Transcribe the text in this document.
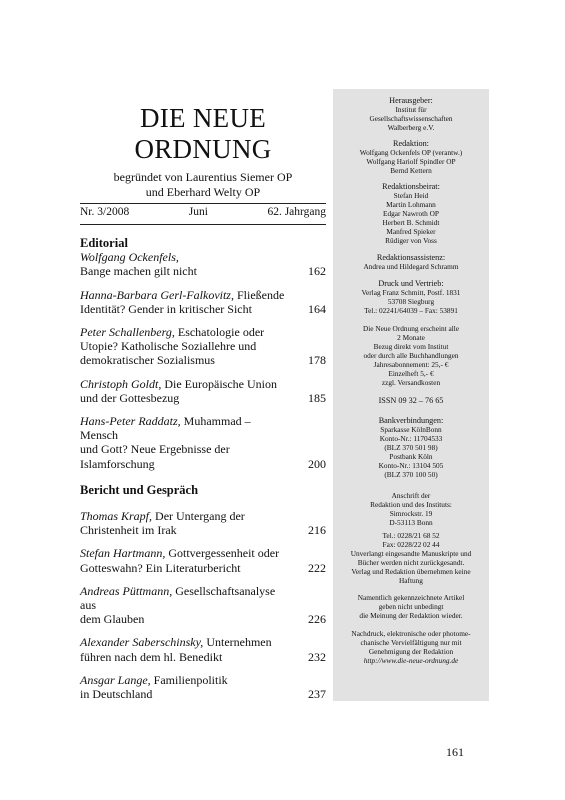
DIE NEUE
ORDNUNG
begründet von Laurentius Siemer OP
und Eberhard Welty OP
Nr. 3/2008	Juni	62. Jahrgang
Editorial
Wolfgang Ockenfels,
Bange machen gilt nicht	162
Hanna-Barbara Gerl-Falkovitz, Fließende
Identität? Gender in kritischer Sicht	164
Peter Schallenberg, Eschatologie oder
Utopie? Katholische Soziallehre und
demokratischer Sozialismus	178
Christoph Goldt, Die Europäische Union
und der Gottesbezug	185
Hans-Peter Raddatz, Muhammad – Mensch
und Gott? Neue Ergebnisse der
Islamforschung	200
Bericht und Gespräch
Thomas Krapf, Der Untergang der
Christenheit im Irak	216
Stefan Hartmann, Gottvergessenheit oder
Gotteswahn? Ein Literaturbericht	222
Andreas Püttmann, Gesellschaftsanalyse aus
dem Glauben	226
Alexander Saberschinsky, Unternehmen
führen nach dem hl. Benedikt	232
Ansgar Lange, Familienpolitik
in Deutschland	237
Herausgeber:
Institut für
Gesellschaftswissenschaften
Walberberg e.V.
Redaktion:
Wolfgang Ockenfels OP (verantw.)
Wolfgang Hariolf Spindler OP
Bernd Kettern
Redaktionsbeirat:
Stefan Heid
Martin Lohmann
Edgar Nawroth OP
Herbert B. Schmidt
Manfred Spieker
Rüdiger von Voss
Redaktionsassistenz:
Andrea und Hildegard Schramm
Druck und Vertrieb:
Verlag Franz Schmitt, Postf. 1831
53708 Siegburg
Tel.: 02241/64039 – Fax: 53891
Die Neue Ordnung erscheint alle
2 Monate
Bezug direkt vom Institut
oder durch alle Buchhandlungen
Jahresabonnement: 25,- €
Einzelheft 5,- €
zzgl. Versandkosten
ISSN 09 32 – 76 65
Bankverbindungen:
Sparkasse KölnBonn
Konto-Nr.: 11704533
(BLZ 370 501 98)
Postbank Köln
Konto-Nr.: 13104 505
(BLZ 370 100 50)
Anschrift der
Redaktion und des Instituts:
Simrockstr. 19
D-53113 Bonn
Tel.: 0228/21 68 52
Fax: 0228/22 02 44
Unverlangt eingesandte Manuskripte und
Bücher werden nicht zurückgesandt.
Verlag und Redaktion übernehmen keine
Haftung
Namentlich gekennzeichnete Artikel
geben nicht unbedingt
die Meinung der Redaktion wieder.
Nachdruck, elektronische oder photome-
chanische Vervielfältigung nur mit
Genehmigung der Redaktion
http://www.die-neue-ordnung.de
161
